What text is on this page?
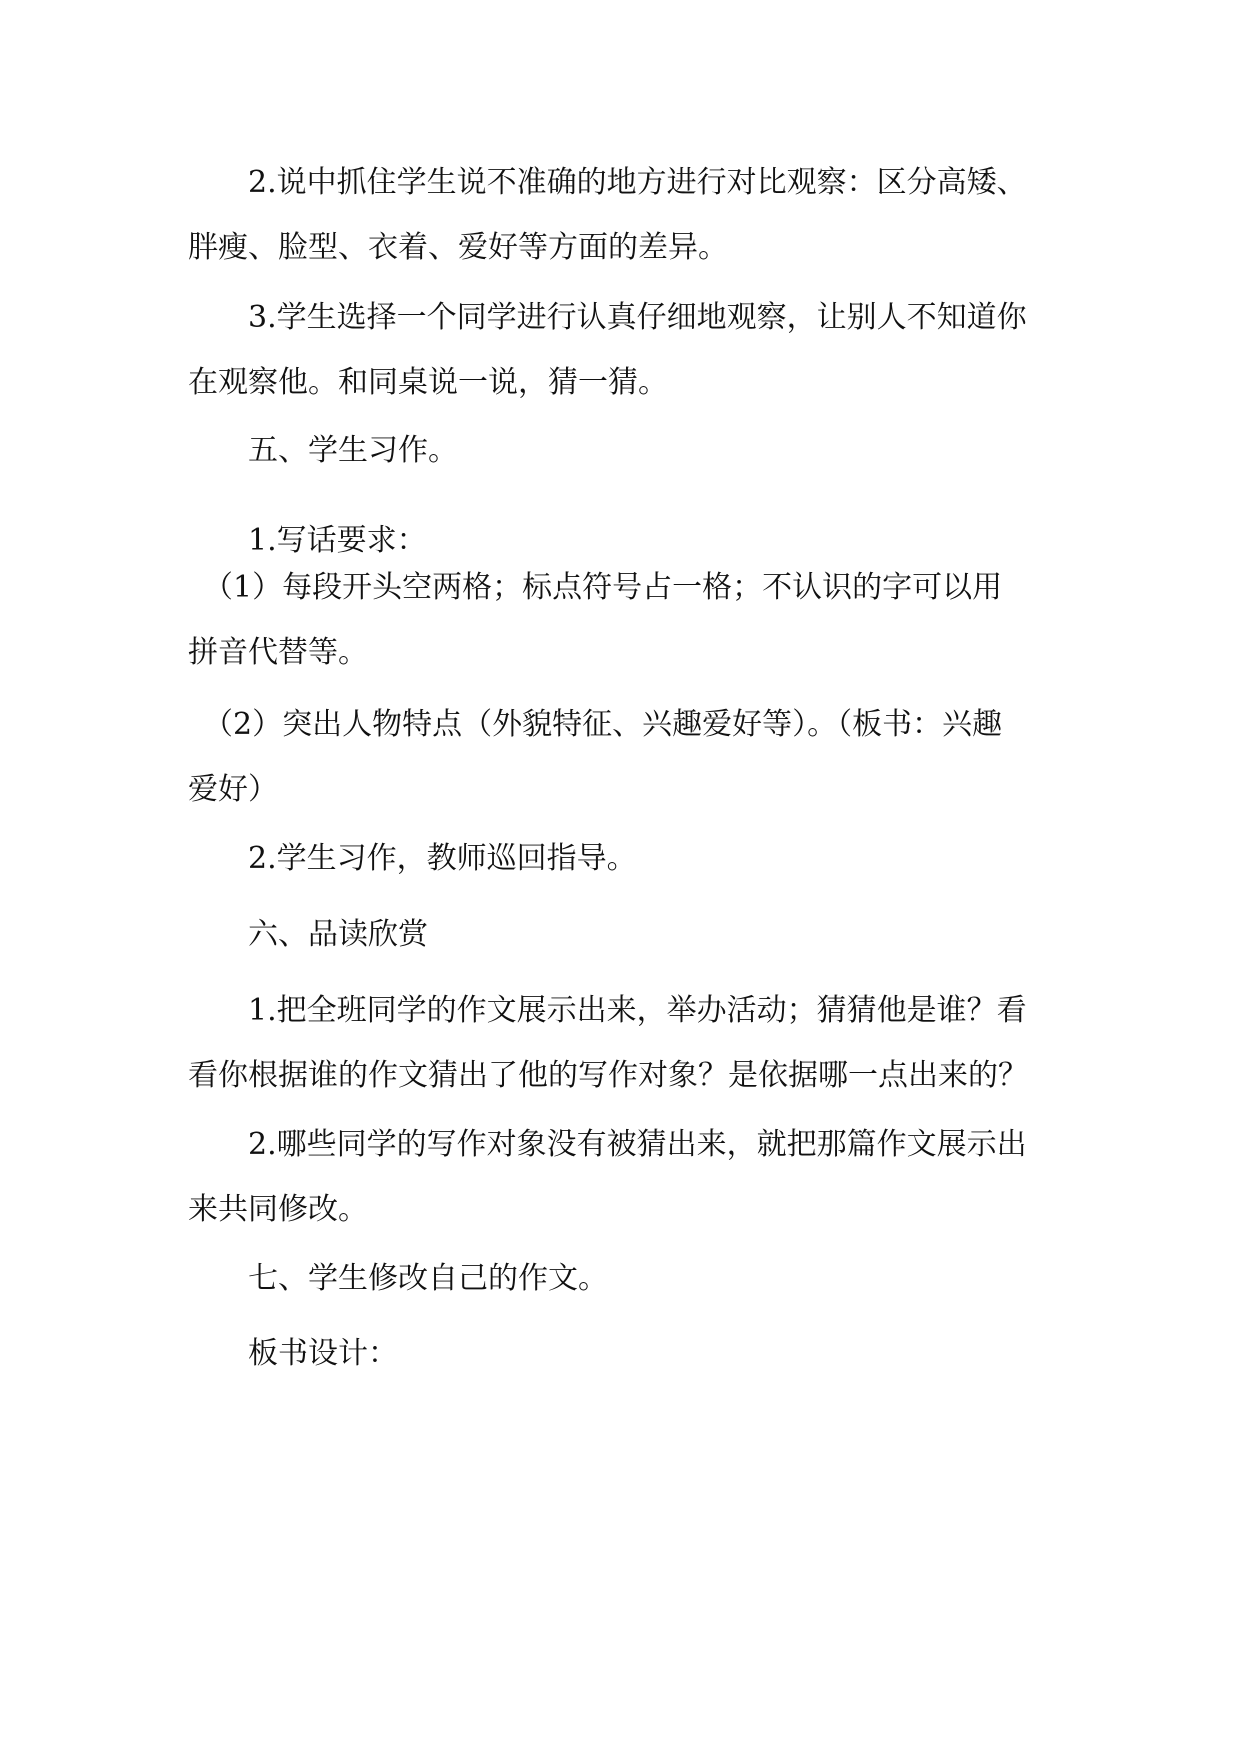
　　2.说中抓住学生说不准确的地方进行对比观察：区分高矮、
胖瘦、脸型、衣着、爱好等方面的差异。

　　3.学生选择一个同学进行认真仔细地观察，让别人不知道你
在观察他。和同桌说一说，猜一猜。

　　五、学生习作。

　　1.写话要求：

　（1）每段开头空两格；标点符号占一格；不认识的字可以用
拼音代替等。

　（2）突出人物特点（外貌特征、兴趣爱好等）。（板书：兴趣
爱好）

　　2.学生习作，教师巡回指导。

　　六、品读欣赏

　　1.把全班同学的作文展示出来，举办活动；猜猜他是谁？看
看你根据谁的作文猜出了他的写作对象？是依据哪一点出来的？

　　2.哪些同学的写作对象没有被猜出来，就把那篇作文展示出
来共同修改。

　　七、学生修改自己的作文。

　　板书设计：
